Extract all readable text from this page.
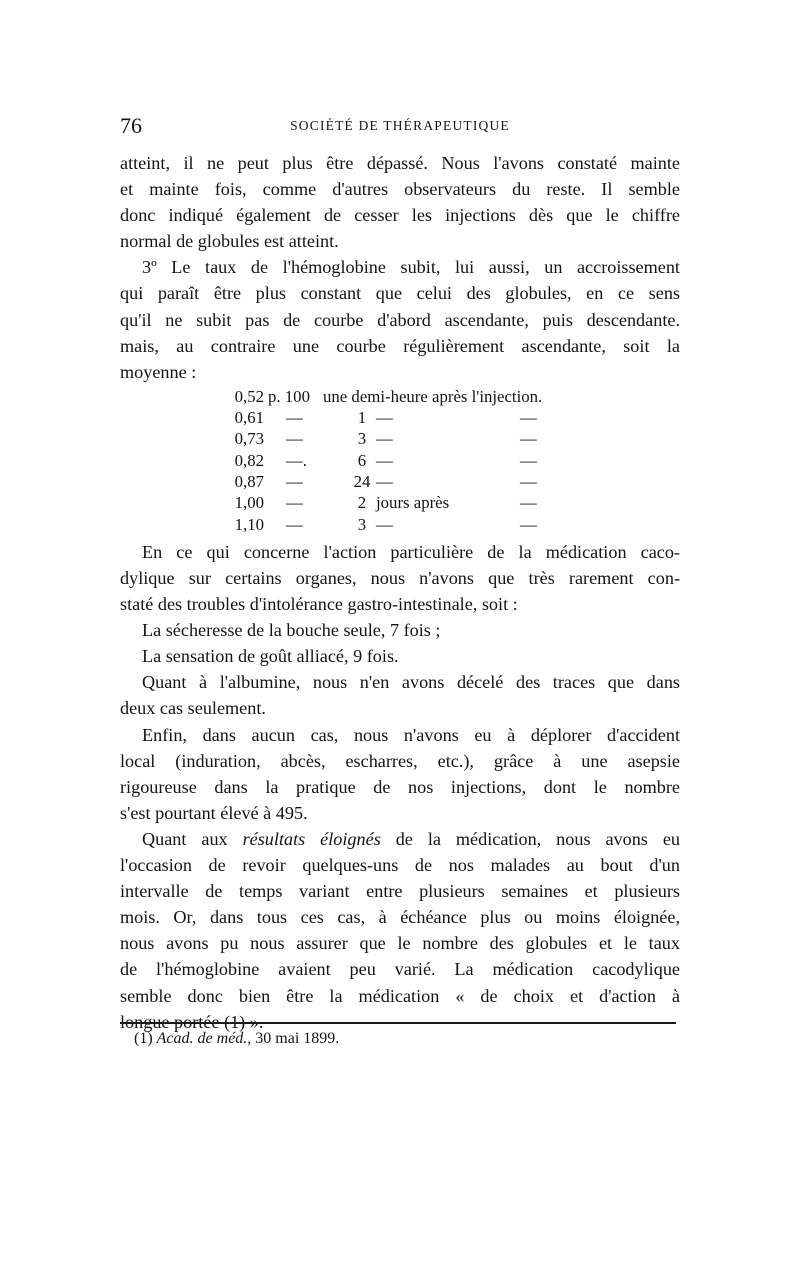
76	SOCIÉTÉ DE THÉRAPEUTIQUE
atteint, il ne peut plus être dépassé. Nous l'avons constaté mainte
et mainte fois, comme d'autres observateurs du reste. Il semble
donc indiqué également de cesser les injections dès que le chiffre
normal de globules est atteint.
3º Le taux de l'hémoglobine subit, lui aussi, un accroissement
qui paraît être plus constant que celui des globules, en ce sens
qu'il ne subit pas de courbe d'abord ascendante, puis descendante.
mais, au contraire une courbe régulièrement ascendante, soit la
moyenne :
0,52 p. 100 une demi-heure après l'injection.
0,61 —	1 —	—
0,73 —	3 —	—
0,82 —.	6 —	—
0,87 —	24 —	—
1,00 —	2 jours après	—
1,10 —	3 —	—
En ce qui concerne l'action particulière de la médication caco-
dylique sur certains organes, nous n'avons que très rarement con-
staté des troubles d'intolérance gastro-intestinale, soit :
La sécheresse de la bouche seule, 7 fois ;
La sensation de goût alliacé, 9 fois.
Quant à l'albumine, nous n'en avons décelé des traces que dans
deux cas seulement.
Enfin, dans aucun cas, nous n'avons eu à déplorer d'accident
local (induration, abcès, escharres, etc.), grâce à une asepsie
rigoureuse dans la pratique de nos injections, dont le nombre
s'est pourtant élevé à 495.
Quant aux résultats éloignés de la médication, nous avons eu
l'occasion de revoir quelques-uns de nos malades au bout d'un
intervalle de temps variant entre plusieurs semaines et plusieurs
mois. Or, dans tous ces cas, à échéance plus ou moins éloignée,
nous avons pu nous assurer que le nombre des globules et le taux
de l'hémoglobine avaient peu varié. La médication cacodylique
semble donc bien être la médication « de choix et d'action à
longue portée (1) ».
(1) Acad. de méd., 30 mai 1899.
